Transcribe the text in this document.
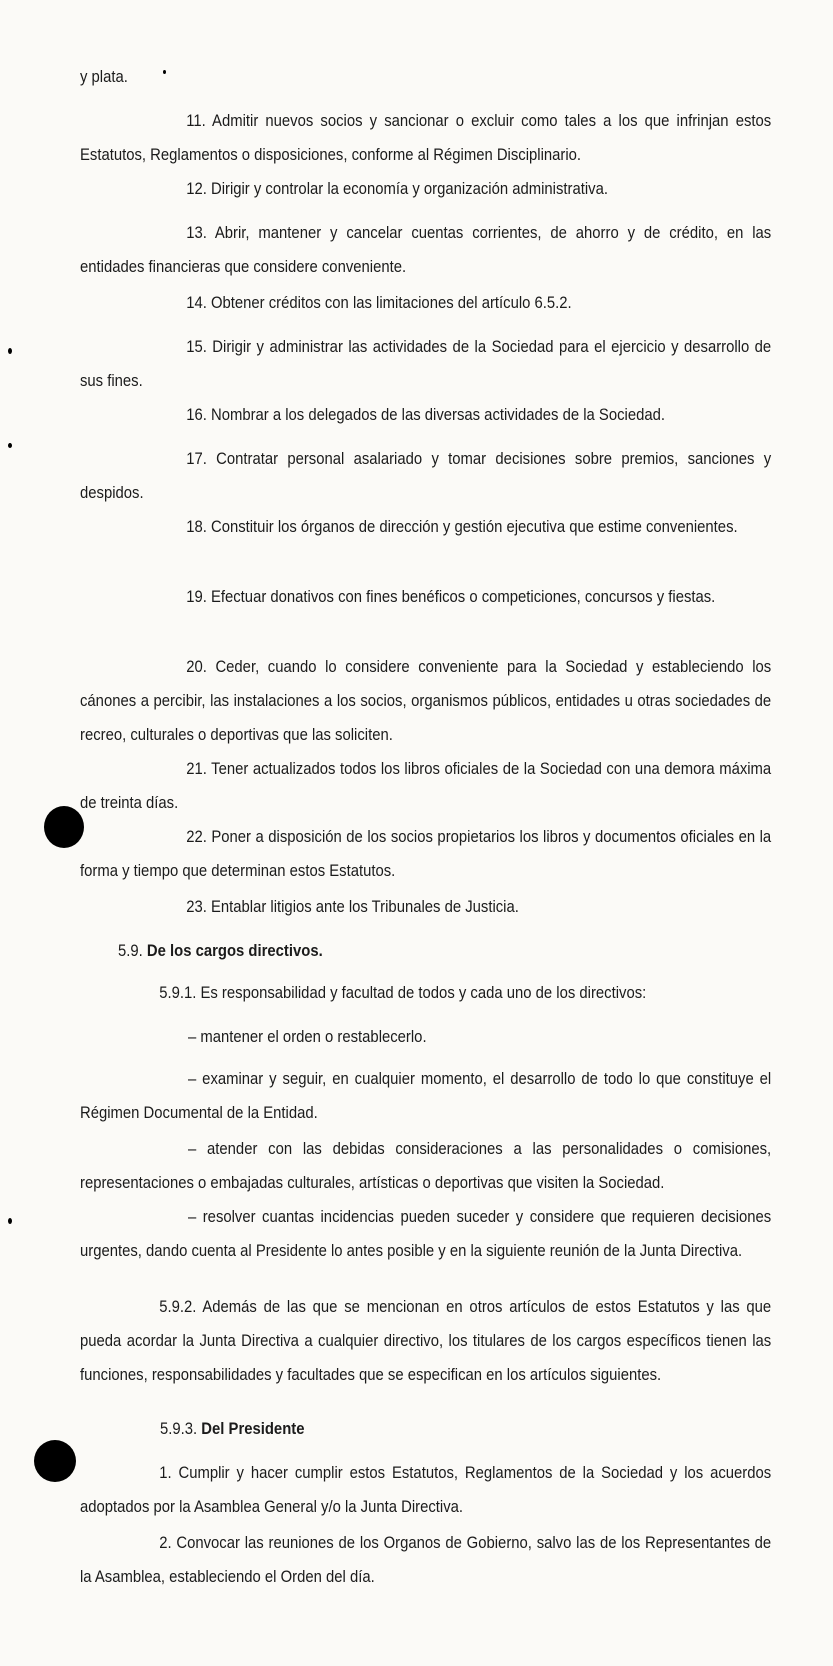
y plata.
11. Admitir nuevos socios y sancionar o excluir como tales a los que infrinjan estos Estatutos, Reglamentos o disposiciones, conforme al Régimen Disciplinario.
12. Dirigir y controlar la economía y organización administrativa.
13. Abrir, mantener y cancelar cuentas corrientes, de ahorro y de crédito, en las entidades financieras que considere conveniente.
14. Obtener créditos con las limitaciones del artículo 6.5.2.
15. Dirigir y administrar las actividades de la Sociedad para el ejercicio y desarrollo de sus fines.
16. Nombrar a los delegados de las diversas actividades de la Sociedad.
17. Contratar personal asalariado y tomar decisiones sobre premios, sanciones y despidos.
18. Constituir los órganos de dirección y gestión ejecutiva que estime convenientes.
19. Efectuar donativos con fines benéficos o competiciones, concursos y fiestas.
20. Ceder, cuando lo considere conveniente para la Sociedad y estableciendo los cánones a percibir, las instalaciones a los socios, organismos públicos, entidades u otras sociedades de recreo, culturales o deportivas que las soliciten.
21. Tener actualizados todos los libros oficiales de la Sociedad con una demora máxima de treinta días.
22. Poner a disposición de los socios propietarios los libros y documentos oficiales en la forma y tiempo que determinan estos Estatutos.
23. Entablar litigios ante los Tribunales de Justicia.
5.9. De los cargos directivos.
5.9.1. Es responsabilidad y facultad de todos y cada uno de los directivos:
– mantener el orden o restablecerlo.
– examinar y seguir, en cualquier momento, el desarrollo de todo lo que constituye el Régimen Documental de la Entidad.
– atender con las debidas consideraciones a las personalidades o comisiones, representaciones o embajadas culturales, artísticas o deportivas que visiten la Sociedad.
– resolver cuantas incidencias pueden suceder y considere que requieren decisiones urgentes, dando cuenta al Presidente lo antes posible y en la siguiente reunión de la Junta Directiva.
5.9.2. Además de las que se mencionan en otros artículos de estos Estatutos y las que pueda acordar la Junta Directiva a cualquier directivo, los titulares de los cargos específicos tienen las funciones, responsabilidades y facultades que se especifican en los artículos siguientes.
5.9.3. Del Presidente
1. Cumplir y hacer cumplir estos Estatutos, Reglamentos de la Sociedad y los acuerdos adoptados por la Asamblea General y/o la Junta Directiva.
2. Convocar las reuniones de los Organos de Gobierno, salvo las de los Representantes de la Asamblea, estableciendo el Orden del día.
